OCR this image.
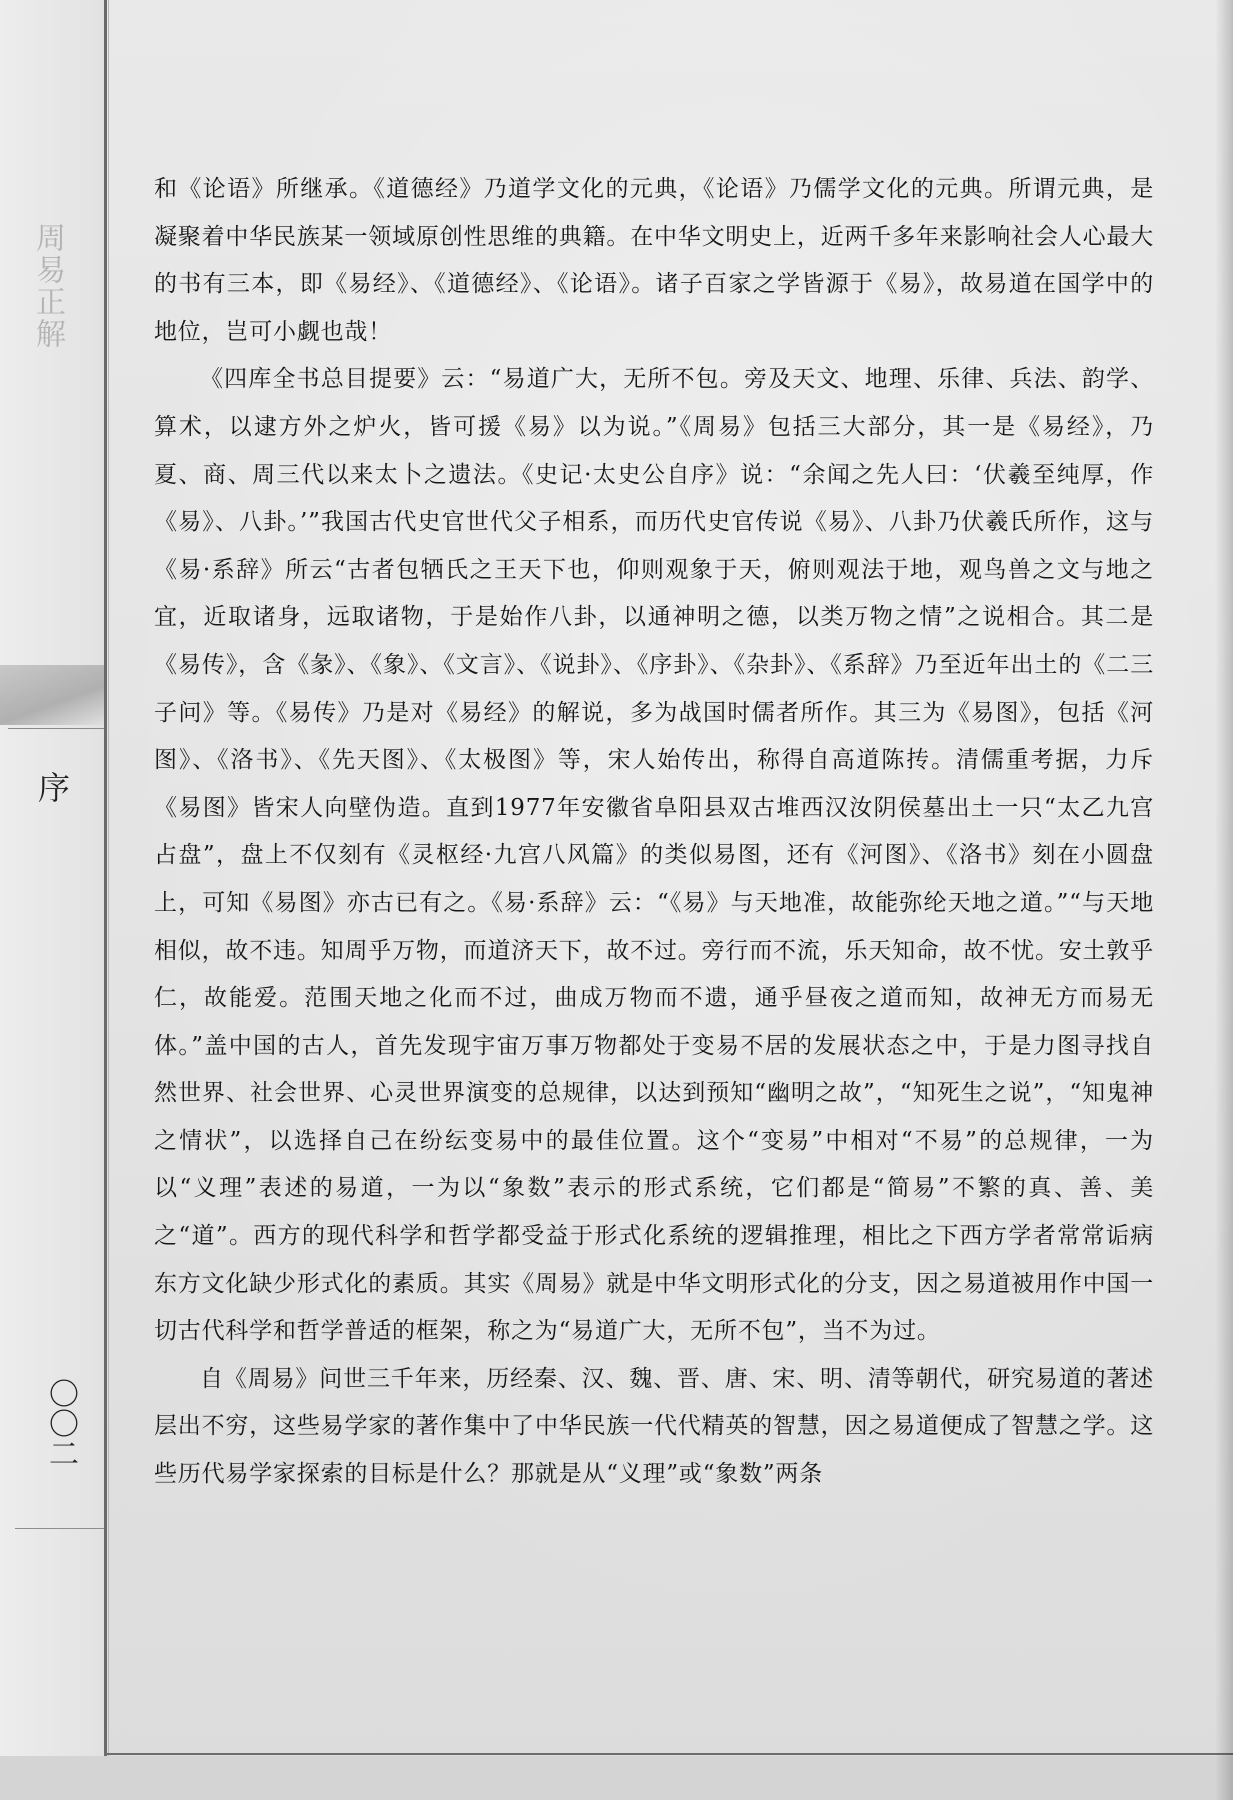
周易正解
序
〇〇二

和《论语》所继承。《道德经》乃道学文化的元典，《论语》乃儒学文化的元典。所谓元典，是凝聚着中华民族某一领域原创性思维的典籍。在中华文明史上，近两千多年来影响社会人心最大的书有三本，即《易经》、《道德经》、《论语》。诸子百家之学皆源于《易》，故易道在国学中的地位，岂可小觑也哉！

《四库全书总目提要》云：“易道广大，无所不包。旁及天文、地理、乐律、兵法、韵学、算术，以逮方外之炉火，皆可援《易》以为说。”《周易》包括三大部分，其一是《易经》，乃夏、商、周三代以来太卜之遗法。《史记·太史公自序》说：“余闻之先人曰：‘伏羲至纯厚，作《易》、八卦。’”我国古代史官世代父子相系，而历代史官传说《易》、八卦乃伏羲氏所作，这与《易·系辞》所云“古者包牺氏之王天下也，仰则观象于天，俯则观法于地，观鸟兽之文与地之宜，近取诸身，远取诸物，于是始作八卦，以通神明之德，以类万物之情”之说相合。其二是《易传》，含《彖》、《象》、《文言》、《说卦》、《序卦》、《杂卦》、《系辞》乃至近年出土的《二三子问》等。《易传》乃是对《易经》的解说，多为战国时儒者所作。其三为《易图》，包括《河图》、《洛书》、《先天图》、《太极图》等，宋人始传出，称得自高道陈抟。清儒重考据，力斥《易图》皆宋人向壁伪造。直到1977年安徽省阜阳县双古堆西汉汝阴侯墓出土一只“太乙九宫占盘”，盘上不仅刻有《灵枢经·九宫八风篇》的类似易图，还有《河图》、《洛书》刻在小圆盘上，可知《易图》亦古已有之。《易·系辞》云：“《易》与天地准，故能弥纶天地之道。”“与天地相似，故不违。知周乎万物，而道济天下，故不过。旁行而不流，乐天知命，故不忧。安土敦乎仁，故能爱。范围天地之化而不过，曲成万物而不遗，通乎昼夜之道而知，故神无方而易无体。”盖中国的古人，首先发现宇宙万事万物都处于变易不居的发展状态之中，于是力图寻找自然世界、社会世界、心灵世界演变的总规律，以达到预知“幽明之故”，“知死生之说”，“知鬼神之情状”，以选择自己在纷纭变易中的最佳位置。这个“变易”中相对“不易”的总规律，一为以“义理”表述的易道，一为以“象数”表示的形式系统，它们都是“简易”不繁的真、善、美之“道”。西方的现代科学和哲学都受益于形式化系统的逻辑推理，相比之下西方学者常常诟病东方文化缺少形式化的素质。其实《周易》就是中华文明形式化的分支，因之易道被用作中国一切古代科学和哲学普适的框架，称之为“易道广大，无所不包”，当不为过。

自《周易》问世三千年来，历经秦、汉、魏、晋、唐、宋、明、清等朝代，研究易道的著述层出不穷，这些易学家的著作集中了中华民族一代代精英的智慧，因之易道便成了智慧之学。这些历代易学家探索的目标是什么？那就是从“义理”或“象数”两条
